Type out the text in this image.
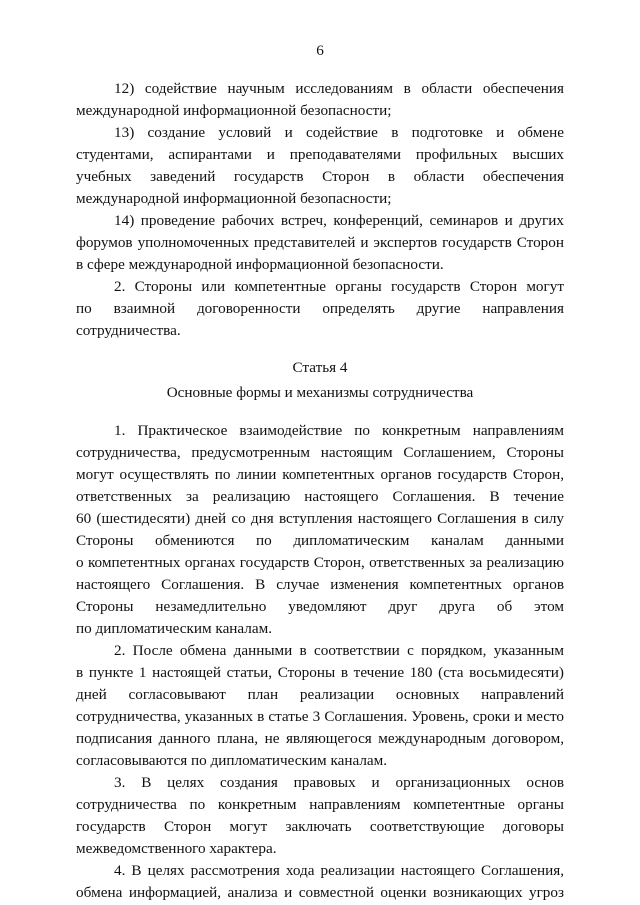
6
12) содействие научным исследованиям в области обеспечения
международной информационной безопасности;
13) создание условий и содействие в подготовке и обмене
студентами, аспирантами и преподавателями профильных высших
учебных заведений государств Сторон в области обеспечения
международной информационной безопасности;
14) проведение рабочих встреч, конференций, семинаров и других
форумов уполномоченных представителей и экспертов государств Сторон
в сфере международной информационной безопасности.
2. Стороны или компетентные органы государств Сторон могут
по взаимной договоренности определять другие направления
сотрудничества.
Статья 4
Основные формы и механизмы сотрудничества
1. Практическое взаимодействие по конкретным направлениям
сотрудничества, предусмотренным настоящим Соглашением, Стороны
могут осуществлять по линии компетентных органов государств Сторон,
ответственных за реализацию настоящего Соглашения. В течение
60 (шестидесяти) дней со дня вступления настоящего Соглашения в силу
Стороны обмениются по дипломатическим каналам данными
о компетентных органах государств Сторон, ответственных за реализацию
настоящего Соглашения. В случае изменения компетентных органов
Стороны незамедлительно уведомляют друг друга об этом
по дипломатическим каналам.
2. После обмена данными в соответствии с порядком, указанным
в пункте 1 настоящей статьи, Стороны в течение 180 (ста восьмидесяти)
дней согласовывают план реализации основных направлений
сотрудничества, указанных в статье 3 Соглашения. Уровень, сроки и место
подписания данного плана, не являющегося международным договором,
согласовываются по дипломатическим каналам.
3. В целях создания правовых и организационных основ
сотрудничества по конкретным направлениям компетентные органы
государств Сторон могут заключать соответствующие договоры
межведомственного характера.
4. В целях рассмотрения хода реализации настоящего Соглашения,
обмена информацией, анализа и совместной оценки возникающих угроз
